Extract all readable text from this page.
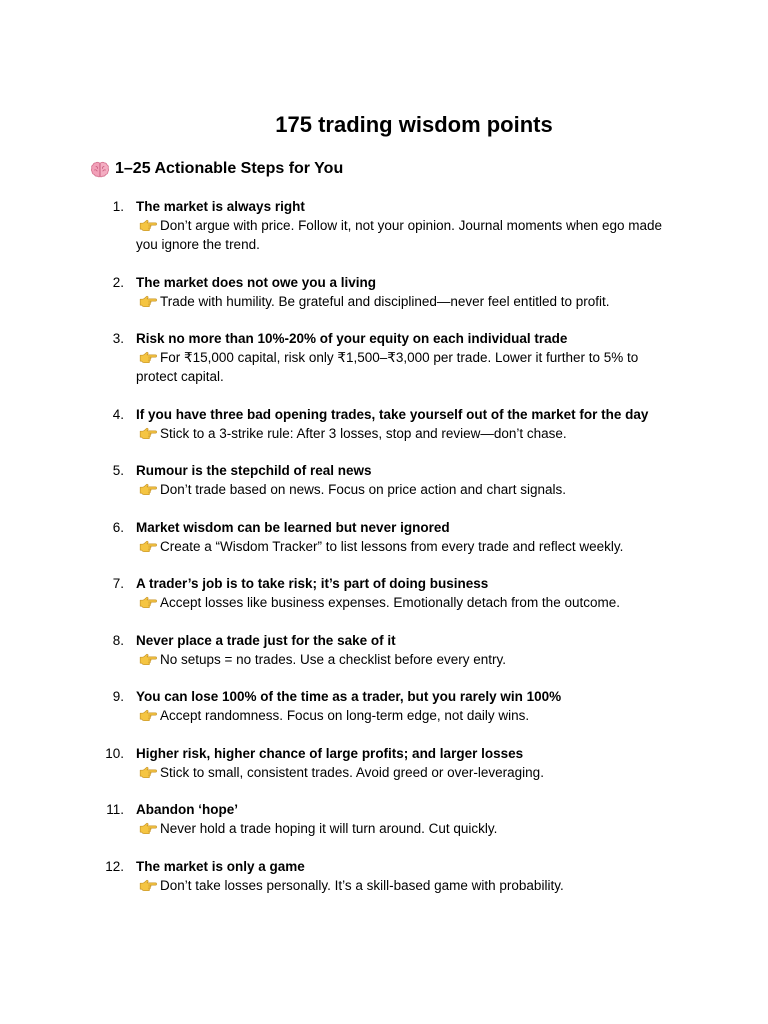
175 trading wisdom points
1–25 Actionable Steps for You
1. The market is always right
Don’t argue with price. Follow it, not your opinion. Journal moments when ego made you ignore the trend.
2. The market does not owe you a living
Trade with humility. Be grateful and disciplined—never feel entitled to profit.
3. Risk no more than 10%-20% of your equity on each individual trade
For ₹15,000 capital, risk only ₹1,500–₹3,000 per trade. Lower it further to 5% to protect capital.
4. If you have three bad opening trades, take yourself out of the market for the day
Stick to a 3-strike rule: After 3 losses, stop and review—don’t chase.
5. Rumour is the stepchild of real news
Don’t trade based on news. Focus on price action and chart signals.
6. Market wisdom can be learned but never ignored
Create a “Wisdom Tracker” to list lessons from every trade and reflect weekly.
7. A trader’s job is to take risk; it’s part of doing business
Accept losses like business expenses. Emotionally detach from the outcome.
8. Never place a trade just for the sake of it
No setups = no trades. Use a checklist before every entry.
9. You can lose 100% of the time as a trader, but you rarely win 100%
Accept randomness. Focus on long-term edge, not daily wins.
10. Higher risk, higher chance of large profits; and larger losses
Stick to small, consistent trades. Avoid greed or over-leveraging.
11. Abandon ‘hope’
Never hold a trade hoping it will turn around. Cut quickly.
12. The market is only a game
Don’t take losses personally. It’s a skill-based game with probability.
